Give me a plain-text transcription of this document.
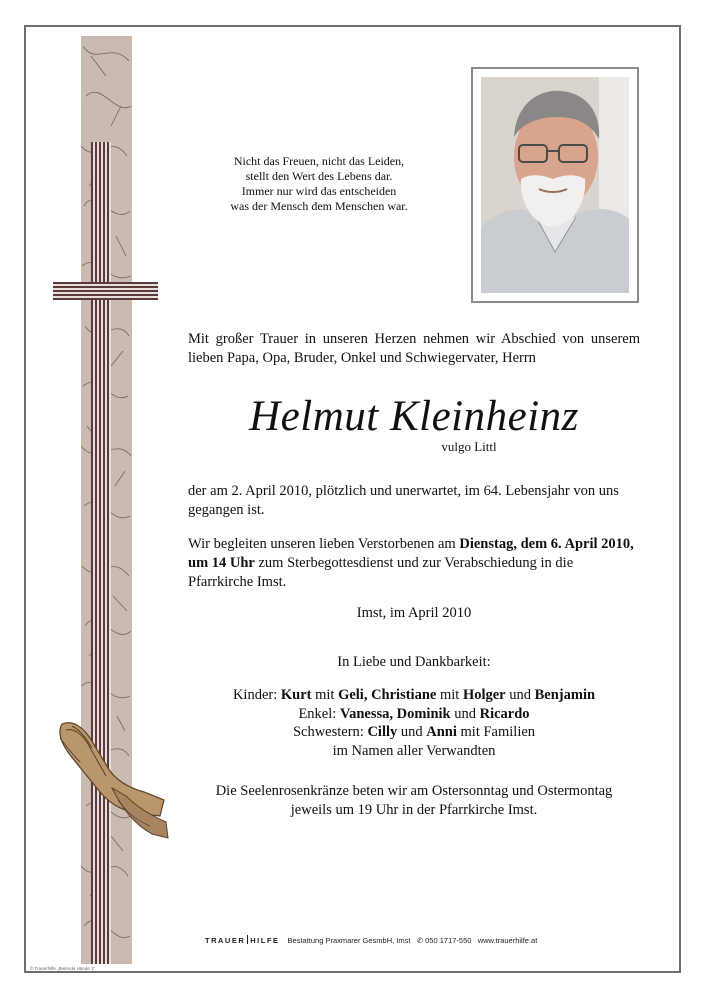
Nicht das Freuen, nicht das Leiden,
stellt den Wert des Lebens dar.
Immer nur wird das entscheiden
was der Mensch dem Menschen war.
Mit großer Trauer in unseren Herzen nehmen wir Abschied von unserem lieben Papa, Opa, Bruder, Onkel und Schwiegervater, Herrn
Helmut Kleinheinz
vulgo Littl
der am 2. April 2010, plötzlich und unerwartet, im 64. Lebensjahr von uns gegangen ist.
Wir begleiten unseren lieben Verstorbenen am Dienstag, dem 6. April 2010, um 14 Uhr zum Sterbegottesdienst und zur Verabschiedung in die Pfarrkirche Imst.
Imst, im April 2010
In Liebe und Dankbarkeit:
Kinder: Kurt mit Geli, Christiane mit Holger und Benjamin
Enkel: Vanessa, Dominik und Ricardo
Schwestern: Cilly und Anni mit Familien
im Namen aller Verwandten
Die Seelenrosenkränze beten wir am Ostersonntag und Ostermontag
jeweils um 19 Uhr in der Pfarrkirche Imst.
TRAUER HILFE Bestattung Praxmarer GesmbH, Imst ✆ 050 1717-550 www.trauerhilfe.at
© Trauerhilfe „Betende Hände 1“
